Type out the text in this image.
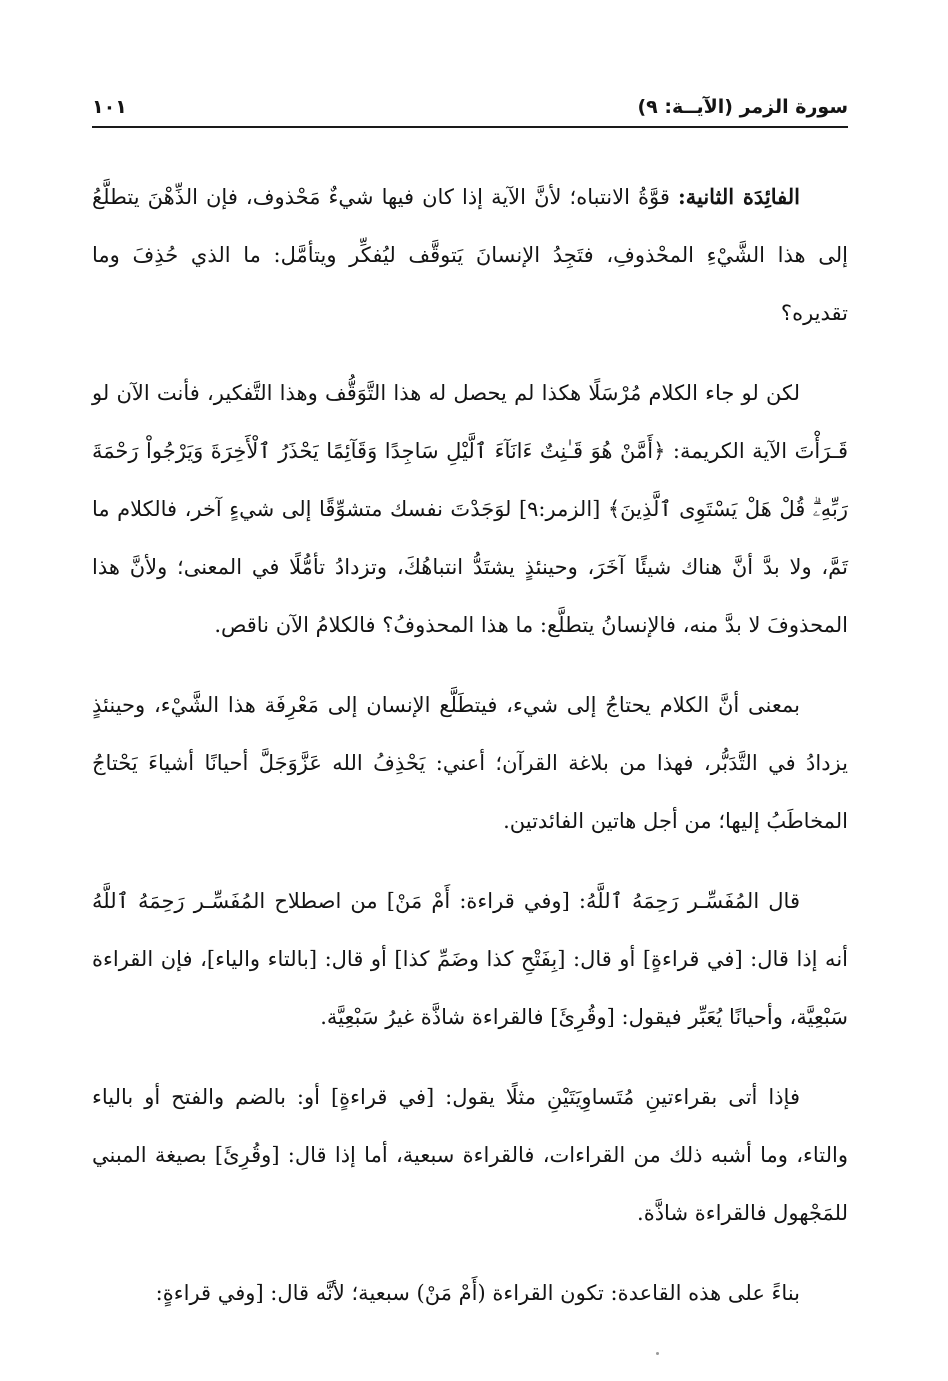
سورة الزمر (الآيــة: ٩)
١٠١

الفائِدَة الثانية: قوَّةُ الانتباه؛ لأنَّ الآية إذا كان فيها شيءٌ مَحْذوف، فإن الذِّهْنَ يتطلَّعُ إلى هذا الشَّيْءِ المحْذوفِ، فتَجِدُ الإنسانَ يَتوقَّف ليُفكِّر ويتأمَّل: ما الذي حُذِفَ وما تقديره؟

لكن لو جاء الكلام مُرْسَلًا هكذا لم يحصل له هذا التَّوَقُّف وهذا التَّفكير، فأنت الآن لو قَـرَأْتَ الآية الكريمة: ﴿أَمَّنْ هُوَ قَـٰنِتٌ ءَانَآءَ ٱلَّيْلِ سَاجِدًا وَقَآئِمًا يَحْذَرُ ٱلْأَخِرَةَ وَيَرْجُواْ رَحْمَةَ رَبِّهِۦۗ قُلْ هَلْ يَسْتَوِى ٱلَّذِينَ﴾ [الزمر:٩] لوَجَدْتَ نفسك متشوِّقًا إلى شيءٍ آخر، فالكلام ما تَمَّ، ولا بدَّ أنَّ هناك شيئًا آخَرَ، وحينئذٍ يشتَدُّ انتباهُكَ، وتزدادُ تأمُّلًا في المعنى؛ ولأنَّ هذا المحذوفَ لا بدَّ منه، فالإنسانُ يتطلَّع: ما هذا المحذوفُ؟ فالكلامُ الآن ناقص.

بمعنى أنَّ الكلام يحتاجُ إلى شيء، فيتطَلَّع الإنسان إلى مَعْرِفَة هذا الشَّيْء، وحينئذٍ يزدادُ في التَّدَبُّر، فهذا من بلاغة القرآن؛ أعني: يَحْذِفُ الله عَزَّوَجَلَّ أحيانًا أشياءَ يَحْتاجُ المخاطَبُ إليها؛ من أجل هاتين الفائدتين.

قال المُفَسِّـر رَحِمَهُ ٱللَّهُ: [وفي قراءة: أَمْ مَنْ] من اصطلاح المُفَسِّـر رَحِمَهُ ٱللَّهُ أنه إذا قال: [في قراءةٍ] أو قال: [بِفَتْحِ كذا وضَمِّ كذا] أو قال: [بالتاء والياء]، فإن القراءة سَبْعِيَّة، وأحيانًا يُعَبِّر فيقول: [وقُرِئَ] فالقراءة شاذَّة غيرُ سَبْعِيَّة.

فإذا أتى بقراءتينِ مُتَساوِيَتَيْنِ مثلًا يقول: [في قراءةٍ] أو: بالضم والفتح أو بالياء والتاء، وما أشبه ذلك من القراءات، فالقراءة سبعية، أما إذا قال: [وقُرِئَ] بصيغة المبني للمَجْهول فالقراءة شاذَّة.

بناءً على هذه القاعدة: تكون القراءة (أَمْ مَنْ) سبعية؛ لأنَّه قال: [وفي قراءةٍ:
